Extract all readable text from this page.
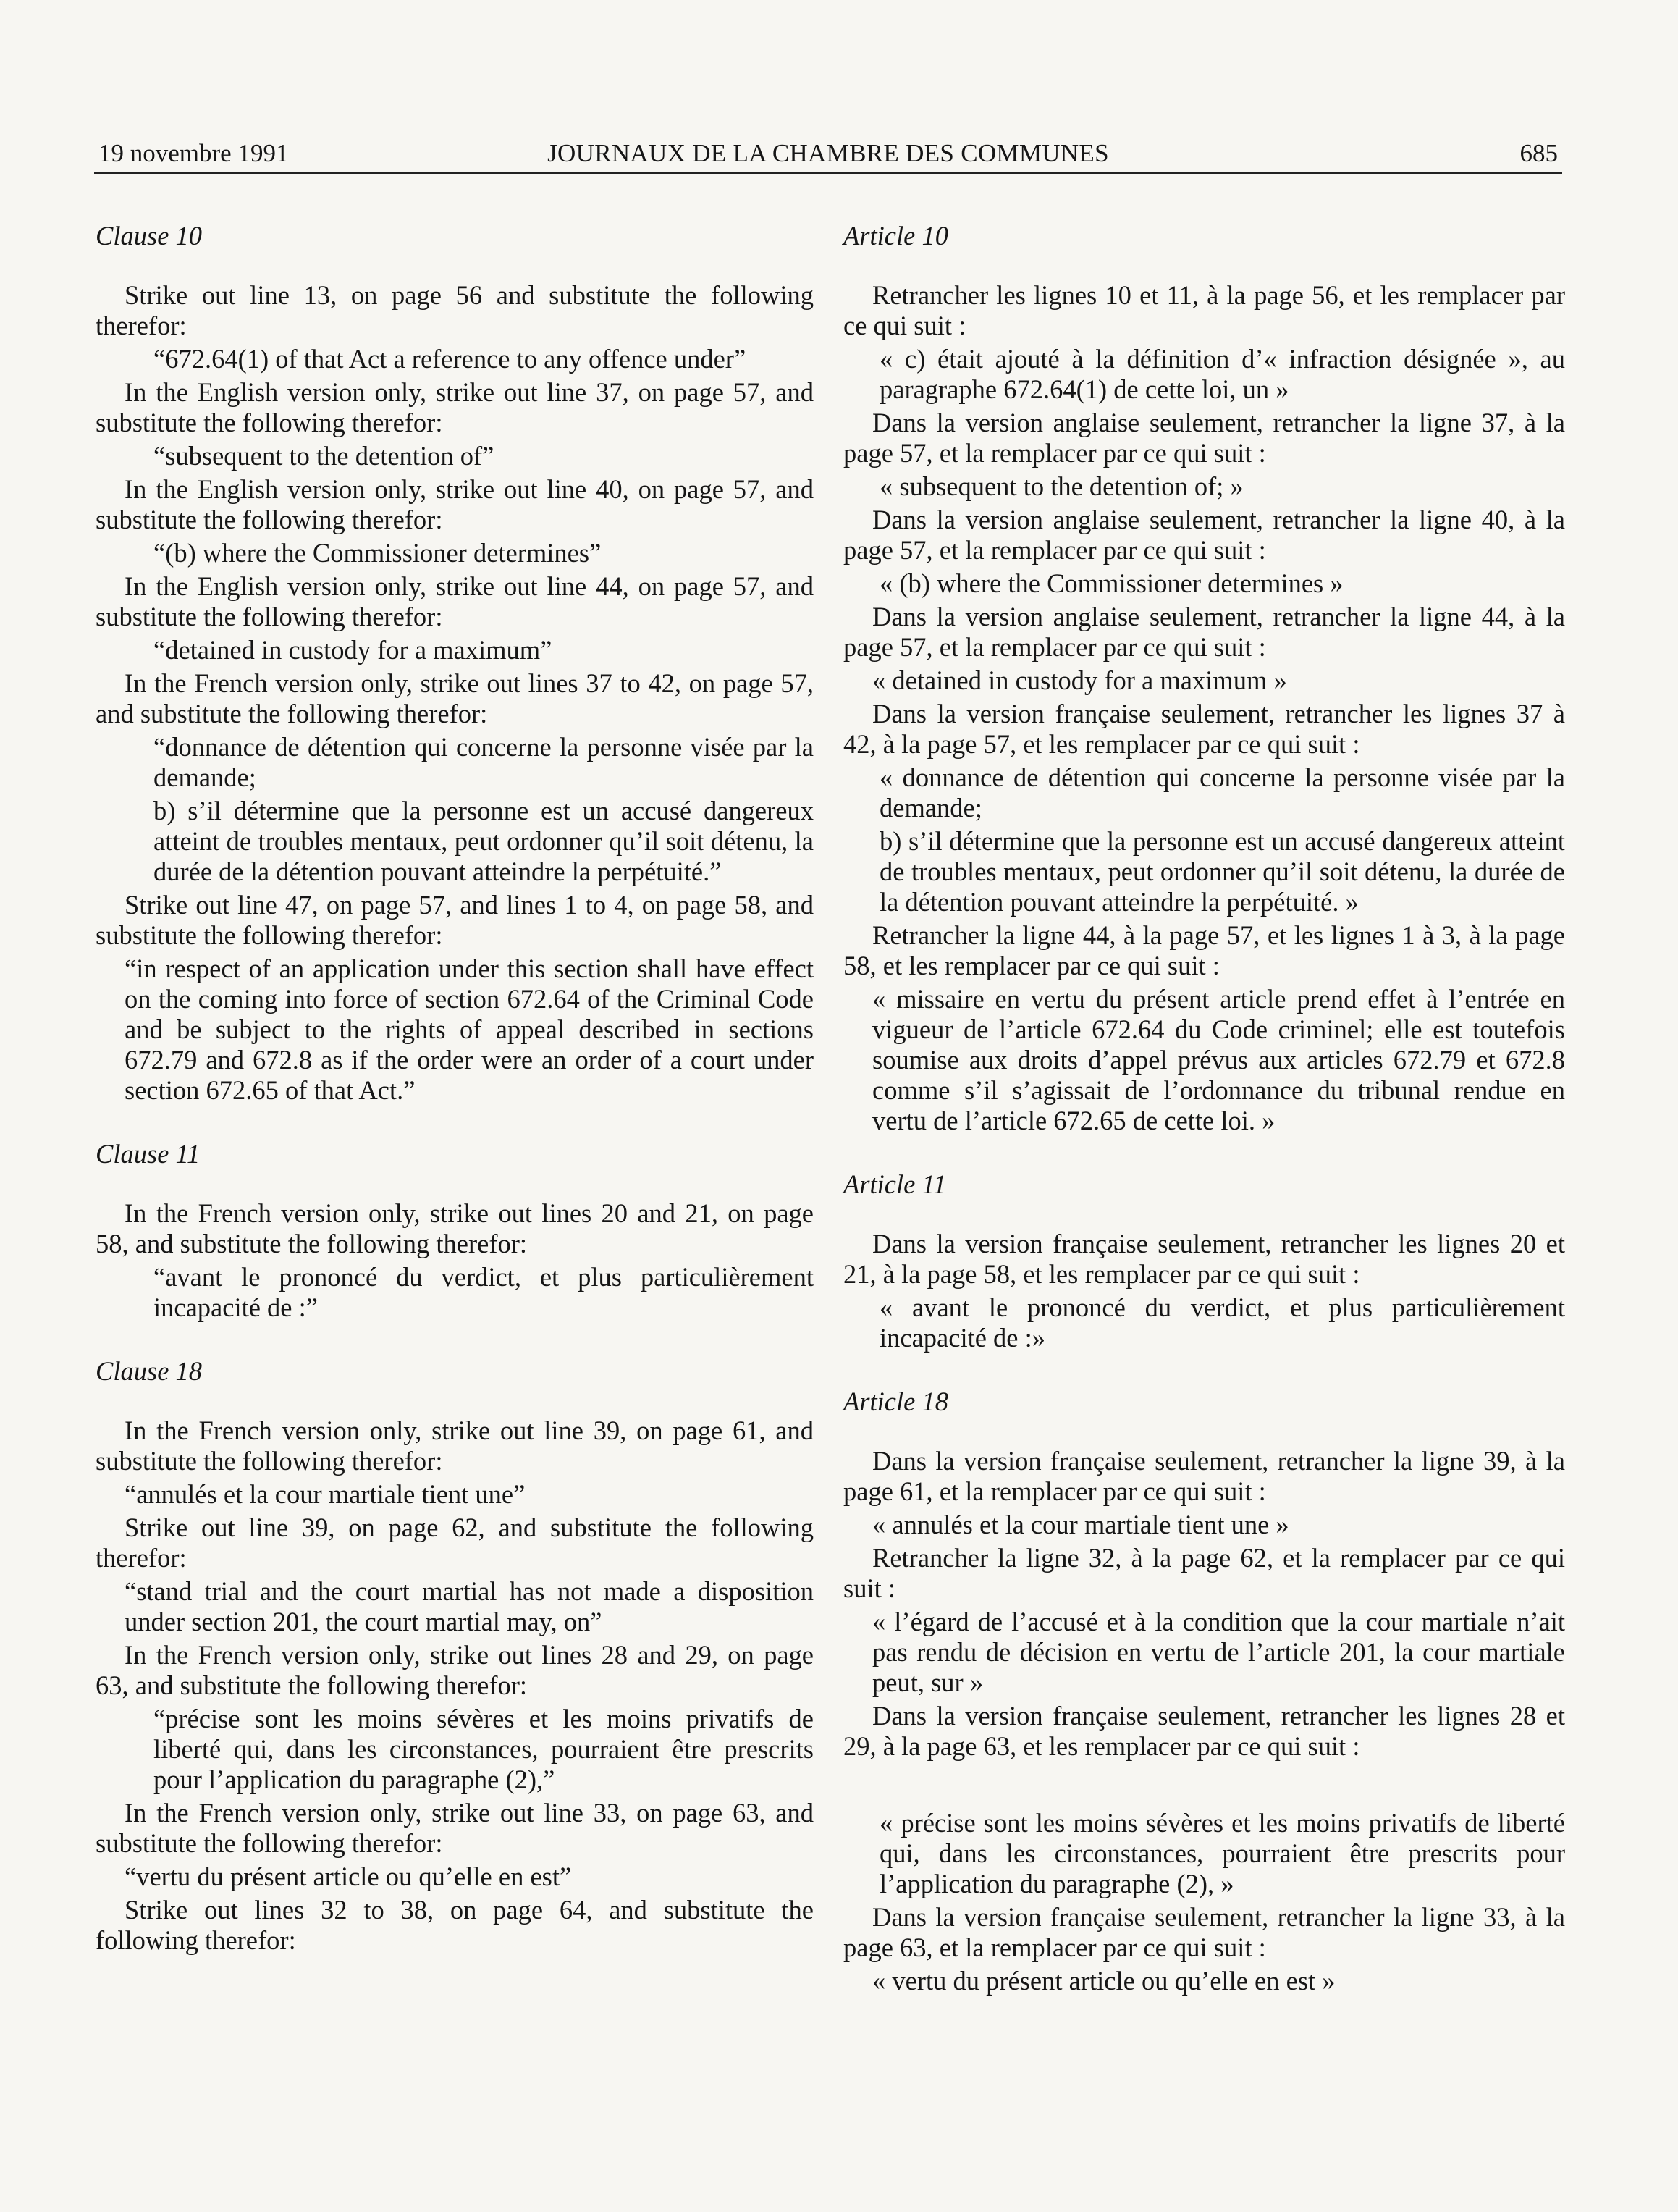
19 novembre 1991	JOURNAUX DE LA CHAMBRE DES COMMUNES	685

Clause 10

Strike out line 13, on page 56 and substitute the following therefor:

“672.64(1) of that Act a reference to any offence under”

In the English version only, strike out line 37, on page 57, and substitute the following therefor:

“subsequent to the detention of”

In the English version only, strike out line 40, on page 57, and substitute the following therefor:

“(b) where the Commissioner determines”

In the English version only, strike out line 44, on page 57, and substitute the following therefor:

“detained in custody for a maximum”

In the French version only, strike out lines 37 to 42, on page 57, and substitute the following therefor:

“donnance de détention qui concerne la personne visée par la demande;

b) s’il détermine que la personne est un accusé dangereux atteint de troubles mentaux, peut ordonner qu’il soit détenu, la durée de la détention pouvant atteindre la perpétuité.”

Strike out line 47, on page 57, and lines 1 to 4, on page 58, and substitute the following therefor:

“in respect of an application under this section shall have effect on the coming into force of section 672.64 of the Criminal Code and be subject to the rights of appeal described in sections 672.79 and 672.8 as if the order were an order of a court under section 672.65 of that Act.”

Clause 11

In the French version only, strike out lines 20 and 21, on page 58, and substitute the following therefor:

“avant le prononcé du verdict, et plus particulièrement incapacité de :”

Clause 18

In the French version only, strike out line 39, on page 61, and substitute the following therefor:

“annulés et la cour martiale tient une”

Strike out line 39, on page 62, and substitute the following therefor:

“stand trial and the court martial has not made a disposition under section 201, the court martial may, on”

In the French version only, strike out lines 28 and 29, on page 63, and substitute the following therefor:

“précise sont les moins sévères et les moins privatifs de liberté qui, dans les circonstances, pourraient être prescrits pour l’application du paragraphe (2),”

In the French version only, strike out line 33, on page 63, and substitute the following therefor:

“vertu du présent article ou qu’elle en est”

Strike out lines 32 to 38, on page 64, and substitute the following therefor:

Article 10

Retrancher les lignes 10 et 11, à la page 56, et les remplacer par ce qui suit :

« c) était ajouté à la définition d’« infraction désignée », au paragraphe 672.64(1) de cette loi, un »

Dans la version anglaise seulement, retrancher la ligne 37, à la page 57, et la remplacer par ce qui suit :

« subsequent to the detention of; »

Dans la version anglaise seulement, retrancher la ligne 40, à la page 57, et la remplacer par ce qui suit :

« (b) where the Commissioner determines »

Dans la version anglaise seulement, retrancher la ligne 44, à la page 57, et la remplacer par ce qui suit :

« detained in custody for a maximum »

Dans la version française seulement, retrancher les lignes 37 à 42, à la page 57, et les remplacer par ce qui suit :

« donnance de détention qui concerne la personne visée par la demande;

b) s’il détermine que la personne est un accusé dangereux atteint de troubles mentaux, peut ordonner qu’il soit détenu, la durée de la détention pouvant atteindre la perpétuité. »

Retrancher la ligne 44, à la page 57, et les lignes 1 à 3, à la page 58, et les remplacer par ce qui suit :

« missaire en vertu du présent article prend effet à l’entrée en vigueur de l’article 672.64 du Code criminel; elle est toutefois soumise aux droits d’appel prévus aux articles 672.79 et 672.8 comme s’il s’agissait de l’ordonnance du tribunal rendue en vertu de l’article 672.65 de cette loi. »

Article 11

Dans la version française seulement, retrancher les lignes 20 et 21, à la page 58, et les remplacer par ce qui suit :

« avant le prononcé du verdict, et plus particulièrement incapacité de :»

Article 18

Dans la version française seulement, retrancher la ligne 39, à la page 61, et la remplacer par ce qui suit :

« annulés et la cour martiale tient une »

Retrancher la ligne 32, à la page 62, et la remplacer par ce qui suit :

« l’égard de l’accusé et à la condition que la cour martiale n’ait pas rendu de décision en vertu de l’article 201, la cour martiale peut, sur »

Dans la version française seulement, retrancher les lignes 28 et 29, à la page 63, et les remplacer par ce qui suit :

« précise sont les moins sévères et les moins privatifs de liberté qui, dans les circonstances, pourraient être prescrits pour l’application du paragraphe (2), »

Dans la version française seulement, retrancher la ligne 33, à la page 63, et la remplacer par ce qui suit :

« vertu du présent article ou qu’elle en est »
